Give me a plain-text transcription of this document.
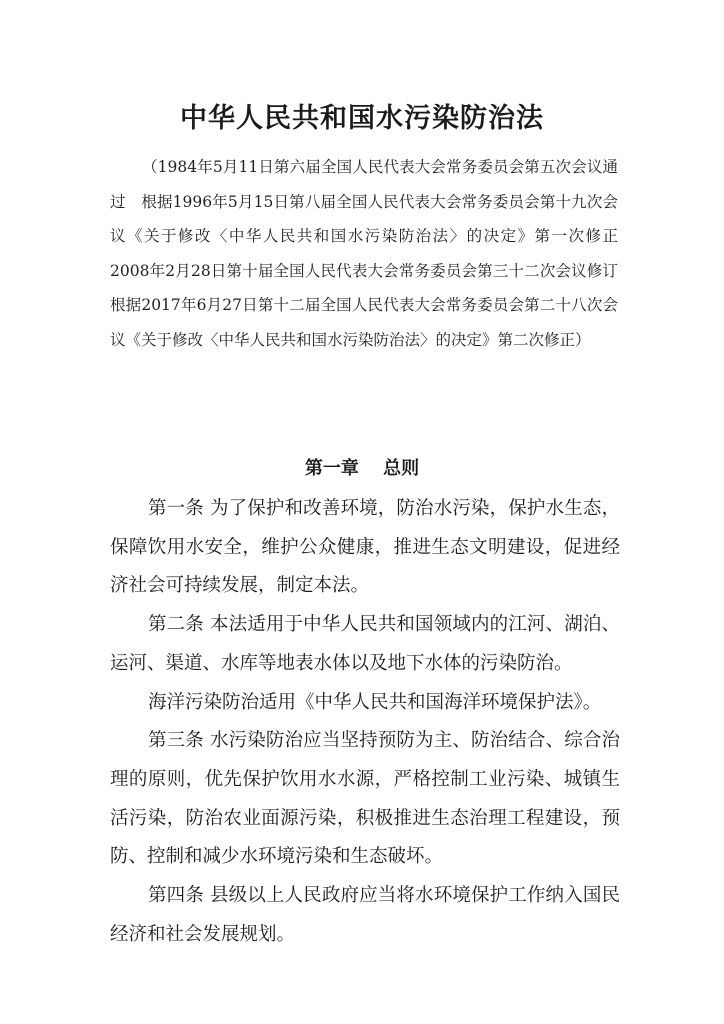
中华人民共和国水污染防治法

（1984年5月11日第六届全国人民代表大会常务委员会第五次会议通过　根据1996年5月15日第八届全国人民代表大会常务委员会第十九次会议《关于修改〈中华人民共和国水污染防治法〉的决定》第一次修正　2008年2月28日第十届全国人民代表大会常务委员会第三十二次会议修订　根据2017年6月27日第十二届全国人民代表大会常务委员会第二十八次会议《关于修改〈中华人民共和国水污染防治法〉的决定》第二次修正）

第一章 总则

第一条 为了保护和改善环境，防治水污染，保护水生态，保障饮用水安全，维护公众健康，推进生态文明建设，促进经济社会可持续发展，制定本法。

第二条 本法适用于中华人民共和国领域内的江河、湖泊、运河、渠道、水库等地表水体以及地下水体的污染防治。

海洋污染防治适用《中华人民共和国海洋环境保护法》。

第三条 水污染防治应当坚持预防为主、防治结合、综合治理的原则，优先保护饮用水水源，严格控制工业污染、城镇生活污染，防治农业面源污染，积极推进生态治理工程建设，预防、控制和减少水环境污染和生态破坏。

第四条 县级以上人民政府应当将水环境保护工作纳入国民经济和社会发展规划。
